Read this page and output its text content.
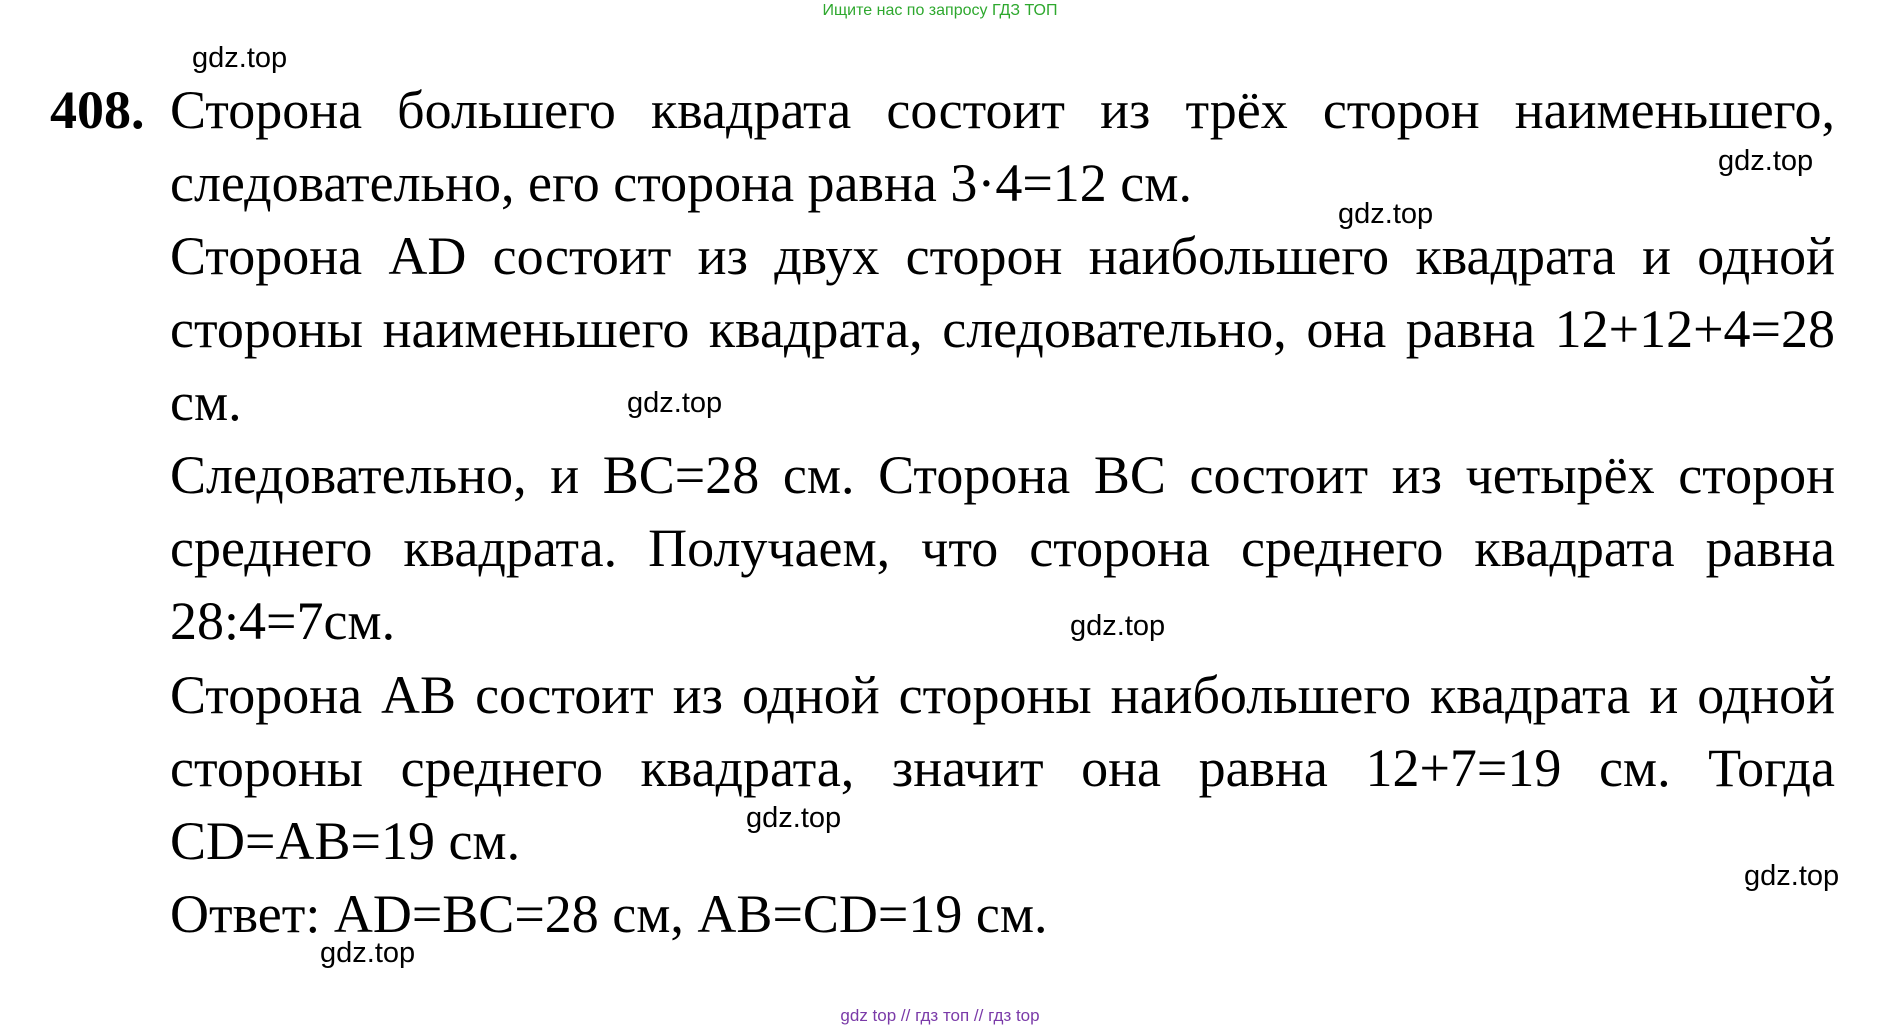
Ищите нас по запросу ГДЗ ТОП
408. Сторона большего квадрата состоит из трёх сторон наименьшего, следовательно, его сторона равна 3·4=12 см.
Сторона AD состоит из двух сторон наибольшего квадрата и одной стороны наименьшего квадрата, следовательно, она равна 12+12+4=28 см.
Следовательно, и BC=28 см. Сторона BC состоит из четырёх сторон среднего квадрата. Получаем, что сторона среднего квадрата равна 28:4=7см.
Сторона AB состоит из одной стороны наибольшего квадрата и одной стороны среднего квадрата, значит она равна 12+7=19 см. Тогда CD=AB=19 см.
Ответ: AD=BC=28 см, AB=CD=19 см.
gdz.top
gdz.top
gdz.top
gdz.top
gdz.top
gdz.top
gdz.top
gdz.top
gdz top // гдз топ // гдз top
